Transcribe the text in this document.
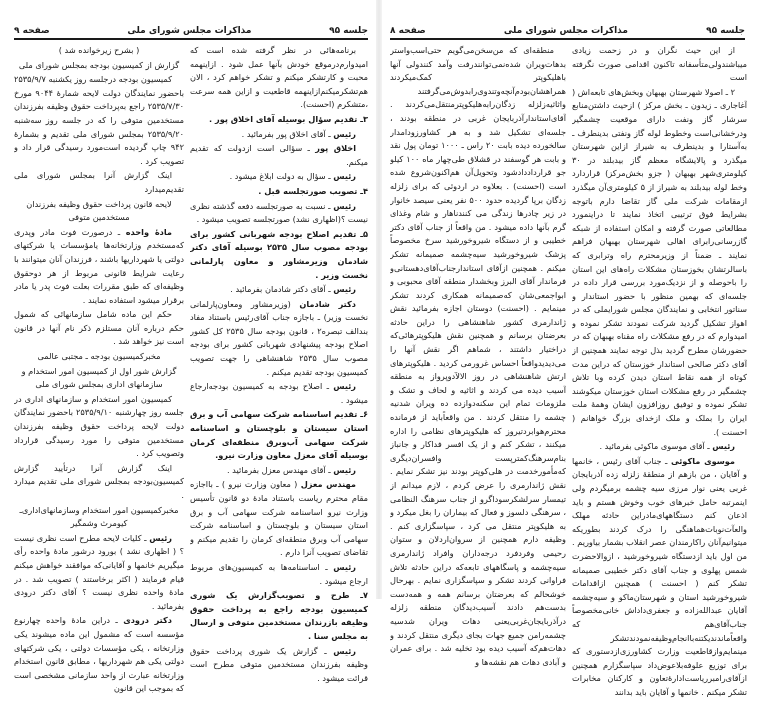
جلسه ۹۵
مذاکرات مجلس شورای ملی
صفحه ۹

برنامه‌هائی در نظر گرفته شده است که امیدوارم‌درموقع خودش بآنها عمل شود . ازاینهمه محبت و کارتشکر میکنم و تشکر خواهم کرد ، الان هم‌تشکرمیکنم‌ازاینهمه قاطعیت و ازاین همه سرعت ،متشکرم (احسنت).

۳ـ تقدیم سؤال بوسیله آقای اخلاق پور .

رئیس ـ آقای اخلاق پور بفرمائید .

اخلاق پور ـ سؤالی است ازدولت که تقدیم میکنم.

رئیس ـ سؤال به دولت ابلاغ میشود .

۴ـ تصویب صورتجلسه قبل .

رئیس ـ نسبت به صورتجلسه دفعه گذشته نظری نیست ؟(اظهاری نشد) صورتجلسه تصویب میشود .

۵ـ تقدیم اصلاح بودجه شهربانی کشور برای بودجه مصوب سال ۲۵۳۵ بوسیله آقای دکتر شادمان وزیرمشاور و معاون پارلمانی نخست وزیر .

رئیس ـ آقای دکتر شادمان بفرمائید .

دکتر شادمان (وزیرمشاور ومعاون‌پارلمانی نخست وزیر) ـ باجازه جناب آقای‌رئیس باستناد مفاد بندالف تبصره۲ ، قانون بودجه سال ۲۵۳۵ کل کشور اصلاح بودجه پیشنهادی شهربانی کشور برای بودجه مصوب سال ۲۵۳۵ شاهنشاهی را جهت تصویب کمیسیون بودجه تقدیم میکنم .

رئیس ـ اصلاح بودجه به کمیسیون بودجه‌ارجاع میشود .

۶ـ تقدیم اساسنامه شرکت سهامی آب و برق استان سیستان و بلوچستان و اساسنامه شرکت سهامی آب‌وبرق منطقه‌ای کرمان بوسیله آقای معزل معاون وزارت نیرو.

رئیس ـ آقای مهندس معزل بفرمائید .

مهندس معزل ( معاون وزارت نیرو ) ـ بااجازه مقام محترم ریاست باستناد مادهٔ دو قانون تأسیس وزارت نیرو اساسنامه شرکت سهامی آب و برق استان سیستان و بلوچستان و اساسنامه شرکت سهامی آب وبرق منطقه‌ای کرمان را تقدیم میکنم و تقاضای تصویب آنرا دارم .

رئیس ـ اساسنامه‌ها به کمیسیون‌های مربوط ارجاع میشود .

۷ـ طرح و تصویب‌گزارش یک شوری کمیسیون بودجه راجع به پرداخت حقوق وظیفه بازرندان مستخدمین متوفی و ارسال به مجلس سنا .

رئیس ـ گزارش یک شوری پرداخت حقوق وظیفه بفرزندان مستخدمین متوفی مطرح است قرائت میشود .

( بشرح زیرخوانده شد )

گزارش از کمیسیون بودجه بمجلس شورای ملی

کمیسیون بودجه درجلسه روز یکشنبه ۲۵۳۵/۹/۷ باحضور نمایندگان دولت لایحه شمارهٔ ۹۰۴۴ مورخ ۲۵۳۵/۷/۳۰ راجع به‌پرداخت حقوق وظیفه بفرزندان مستخدمین متوفی را که در جلسه روز سه‌شنبه ۲۵۳۵/۹/۲۰ بمجلس شورای ملی تقدیم و بشمارهٔ ۹۴۲ چاپ گردیده است‌مورد رسیدگی قرار داد و تصویب کرد .

اینک گزارش آنرا بمجلس شورای ملی تقدیم‌میدارد

لایحه قانون پرداخت حقوق وظیفه بفرزندان مستخدمین متوفی

مادهٔ واحده ـ درصورت فوت مادر وپدری که‌مستخدم وزارتخانه‌ها یامؤسسات یا شرکتهای دولتی یا شهرداریها باشند ، فرزندان آنان میتوانند با رعایت شرایط قانونی مربوط از هر دوحقوق وظیفه‌ای که طبق مقررات بعلت فوت پدر یا مادر برقرار میشود استفاده نمایند .

حکم این ماده شامل سازمانهائی که شمول حکم درباره آنان مستلزم ذکر نام آنها در قانون است نیز خواهد شد .

مخبرکمیسیون بودجه ـ مجتبی عالمی

گزارش شور اول از کمیسیون امور استخدام و سازمانهای اداری بمجلس شورای ملی

کمیسیون امور استخدام و سازمانهای اداری در جلسه روز چهارشنبه ۲۵۳۵/۹/۱۰ باحضور نمایندگان دولت لایحه پرداخت حقوق وظیفه بفرزندان مستخدمین متوفی را مورد رسیدگی قرارداد وتصویب کرد .

اینک گزارش آنرا درتأیید گزارش کمیسیون‌بودجه بمجلس شورای ملی تقدیم میدارد .

مخبرکمیسیون امور استخدام وسازمانهای‌اداری‌ـ کیومرث وشمگیر

رئیس ـ کلیات لایحه مطرح است نظری نیست ؟ ( اظهاری نشد ) بورود درشور مادهٔ واحده رأی میگیریم خانمها و آقایانی‌که موافقند خواهش میکنم قیام فرمایند ( اکثر برخاستند ) تصویب شد . در مادهٔ واحده نظری نیست ؟ آقای دکتر درودی بفرمائید .

دکتر درودی ـ دراین مادهٔ واحده چهارنوع مؤسسه است که مشمول این ماده میشوند یکی وزارتخانه ، یکی مؤسسات دولتی ، یکی شرکتهای دولتی یکی هم شهرداریها ، مطابق قانون استخدام وزارتخانه عبارت از واحد سازمانی مشخصی است که بموجب این قانون

جلسه ۹۵
مذاکرات مجلس شورای ملی
صفحه ۸

از این حیث نگران و در زحمت زیادی میباشندولی‌متأسفانه تاکنون اقدامی صورت نگرفته است

۲ ـ اصولا شهرستان بهبهان وبخش‌های تابعه‌اش ( آغاجاری ـ زیدون ـ بخش مرکز ) ازحیث داشتن‌منابع سرشار گاز ونفت دارای موقعیت چشمگیر ودرخشانی‌است وخطوط لوله گاز ونفتی بدینطرف ـ به‌آستارا و بدینطرف به شیراز ازاین شهرستان میگذرد و پالایشگاه معظم گاز بیدبلند در ۳۰ کیلومتری‌شهر بهبهان ( جزو بخش‌مرکز) قراردارد وخط لوله بیدبلند به شیراز از ۵ کیلومتری‌آن میگذرد ازمقامات شرکت ملی گاز تقاضا دارم باتوجه بشرایط فوق ترتیبی اتخاذ نمایند تا دراینمورد مطالعاتی صورت گرفته و امکان استفاده از شبکه گازرسانی‌رابرای اهالی شهرستان بهبهان فراهم نمایند ـ ضمناً از وزیرمحترم راه وترابری که باسالرتشان بخوزستان مشکلات راه‌های این استان را باحوصله و از نزدیک‌مورد بررسی قرار داده در جلسه‌ای که بهمین منظور با حضور استاندار و سناتور انتخابی و نمایندگان مجلس شورایملی که در اهواز تشکیل گردید شرکت نمودند تشکر نموده و امیدوارم که در رفع مشکلات راه مقناه بهبهان که در حضورشان مطرح گردید بذل توجه نمایند همچنین از آقای دکتر صالحی استاندار خوزستان که دراین مدت کوتاه از همه نقاط استان دیدن کرده وبا تلاش چشمگیر در رفع مشکلات استان خوزستان میکوشند تشکر نموده و توفیق روزافزون ایشان وهمهٔ ملت ایران را بملک و ملک ازخدای بزرگ خواهانم ( احسنت ).

رئیس ـ آقای موسوی ماکوئی بفرمائید .

موسوی ماکوئی ـ جناب آقای رئیس ، خانمها و آقایان ، من بازهم از منطقهٔ زلزله زده آذربایجان غربی یعنی نوار مرزی سیه چشمه برمیگردم ولی اینمرتبه حامل خبرهای خوب وخوش هستم و باید اذعان کنم دستگاههای‌مادراین حادثه مهلک والعآت‌نوبات‌هماهنگی را درک کردند بطوریکه میتوانیم‌آنان راکارمندان عصر انقلاب بشمار بیاوریم . من اول باید ازدستگاه شیروخورشید ، ازوالاحضرت شمس پهلوی و جناب آقای دکتر خطیبی صمیمانه تشکر کنم ( احسنت ) همچنین ازاقدامات شیروخورشید استان و شهرستان‌ماکو و سیه‌چشمه آقایان عبدالله‌زاده و جعفری‌داداش خانی‌مخصوصاً جناب‌آقای‌هم که واقعاًماندند‌یکتنه‌با‌انجام‌وظیفه‌نمودند‌تشکر مینمایم‌وازقاطعیت وزارت کشاورزی‌ازدستوری که برای توزیع علوفه‌بلاعوض‌داد سپاسگزارم همچنین ازآقای‌رامبرریاست‌ادارهٔ‌تعاون و کارکنان مخابرات تشکر میکنم . خانمها و آقایان باید بدانند

منطقه‌ای که من‌سخن‌می‌گویم حتی‌اسب‌واستر بدهات‌ویران شده‌نمی‌توانندرفت وآمد کنندولی آنها باهلیکوپتر کمک‌میکردند همراهشان‌بودم‌آنچه‌وتندوی‌را‌بدوش‌می‌گرفتند واثاثیه‌زلزله زدگان‌رابه‌هلیکوپترمنتقل‌می‌کردند . آقای‌استاندارآذربایجان غربی در منطقه بودند ، جلسه‌ای تشکیل شد و به هر کشاورزودامدار سالخورده دیده بابت ۲۰ راس ـ ۱۰۰۰ تومان پول نقد و بابت هر گوسفند در قشلاق طی‌چهار ماه ۱۰۰ کیلو جو قرارداد‌دادشود وتحویل‌آن هم‌اکنون‌شروع شده است (احسنت) . بعلاوه در اردوئی که برای زلزله زدگان برپا گردیده حدود ۵۰۰ نفر یعنی سیصد خانوار در زیر چادرها زندگی می کنندناهار و شام وغذای گرم بآنها داده میشود . من واقعاً از جناب آقای دکتر خطیبی و از دستگاه شیروخورشید سرخ مخصوصاً پزشک شیروخورشید سیه‌چشمه صمیمانه تشکر میکنم . همچنین ازآقای استاندارجناب‌آقای‌دهستانی‌و فرماندار آقای البرز وبخشدار منطقه آقای محبوبی و ابواجمعی‌شان که‌صمیمانه همکاری کردند تشکر مینمایم . (احسنت) دوستان اجازه بفرمائید نقش ژاندارمری کشور شاهنشاهی را دراین حادثه بعرضتان برسانم و همچنین نقش هلیکوپترهائی‌که دراختیار داشتند ، شماهم اگر نقش آنها را می‌دیدیدواقعاً احساس غرورمی کردید . هلیکوپترهای ارتش شاهنشاهی در روز الالآدوپرواز به منطقه آسیب دیده می کردند و اثاثیه و لحاف و تشک و ملزومات تمام این سکنه‌دوازده ده ویران شدنیه چشمه را منتقل کردند . من واقعاًباید از فرمانده محترم‌هوابردتیروز که هلیکوپترهای نظامی را اداره میکنند ، تشکر کنم و از یک افسر فداکار و جانباز بنام‌سرهنگ‌کمترپست وافسران‌دیگری که‌مأمورخدمت در هلی‌کوپتر بودند نیز تشکر نمایم . نقش ژاندارمری را عرض کردم ، لازم میدانم از تیمسار سرلشکرسوداگرو از جناب سرهنگ النظامی ، سرهنگی دلسوز و فعال که بیماران را بغل میکرد و به هلیکوپتر منتقل می کرد ، سپاسگزاری کنم . وظیفه دارم همچنین از سروان‌اردلان و ستوان رحیمی وفردفرد درجه‌داران وافراد ژاندارمری سیه‌چشمه و پاسگاههای تابعه‌که دراین حادثه تلاش فراوانی کردند تشکر و سپاسگزاری نمایم . بهرحال خوشحالم که بعرضتان برسانم همه و همه‌دست بدست‌هم دادند آسیب‌دیدگان منطقه زلزله درآذربایجان‌غربی‌یعنی دهات ویران شدسیه چشمه‌رامن جمیع جهات بجای دیگری منتقل کردند و دهات‌هم‌که آسیب دیده بود تخلیه شد . برای عمران و آبادی دهات هم نقشه‌ها و
